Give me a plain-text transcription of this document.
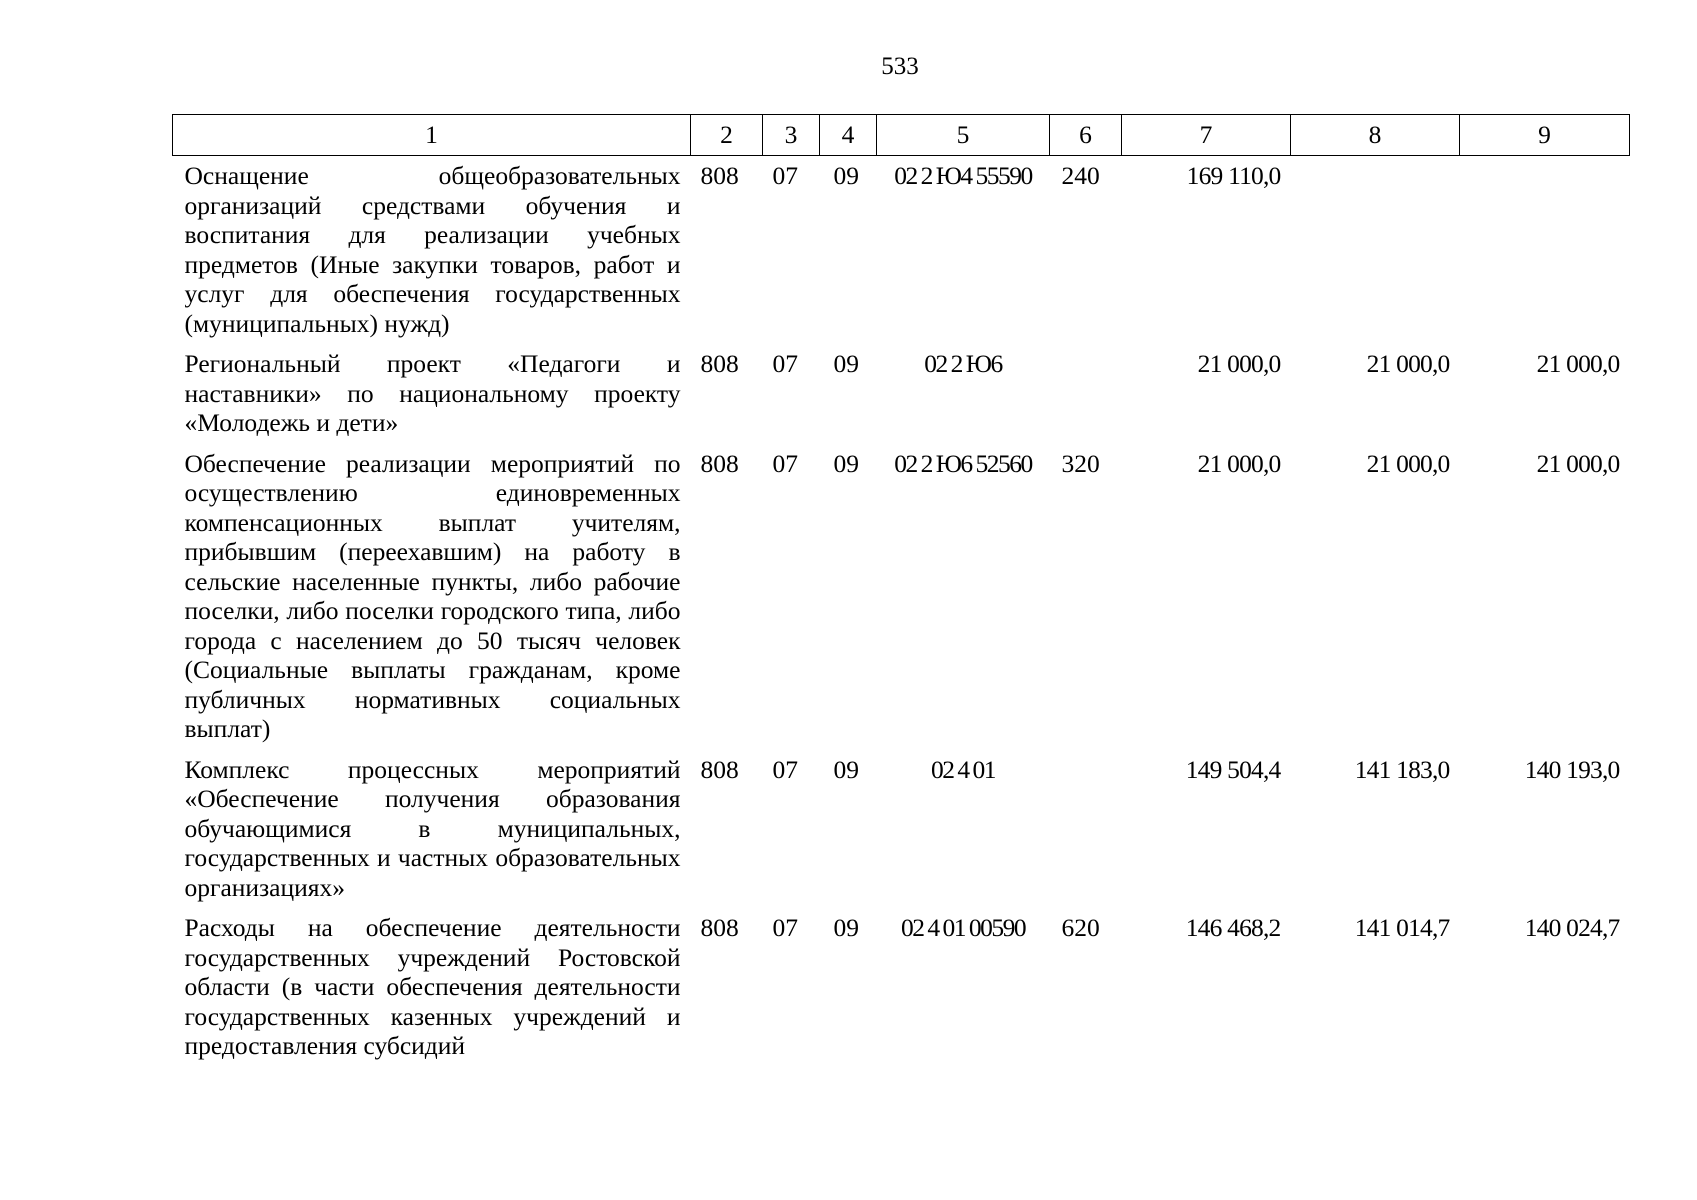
533
1	2	3	4	5	6	7	8	9
Оснащение общеобразовательных организаций средствами обучения и воспитания для реализации учебных предметов (Иные закупки товаров, работ и услуг для обеспечения государственных (муниципальных) нужд)	808	07	09	02 2 Ю4 55590	240	169 110,0		
Региональный проект «Педагоги и наставники» по национальному проекту «Молодежь и дети»	808	07	09	02 2 Ю6		21 000,0	21 000,0	21 000,0
Обеспечение реализации мероприятий по осуществлению единовременных компенсационных выплат учителям, прибывшим (переехавшим) на работу в сельские населенные пункты, либо рабочие поселки, либо поселки городского типа, либо города с населением до 50 тысяч человек (Социальные выплаты гражданам, кроме публичных нормативных социальных выплат)	808	07	09	02 2 Ю6 52560	320	21 000,0	21 000,0	21 000,0
Комплекс процессных мероприятий «Обеспечение получения образования обучающимися в муниципальных, государственных и частных образовательных организациях»	808	07	09	02 4 01		149 504,4	141 183,0	140 193,0
Расходы на обеспечение деятельности государственных учреждений Ростовской области (в части обеспечения деятельности государственных казенных учреждений и предоставления субсидий	808	07	09	02 4 01 00590	620	146 468,2	141 014,7	140 024,7
